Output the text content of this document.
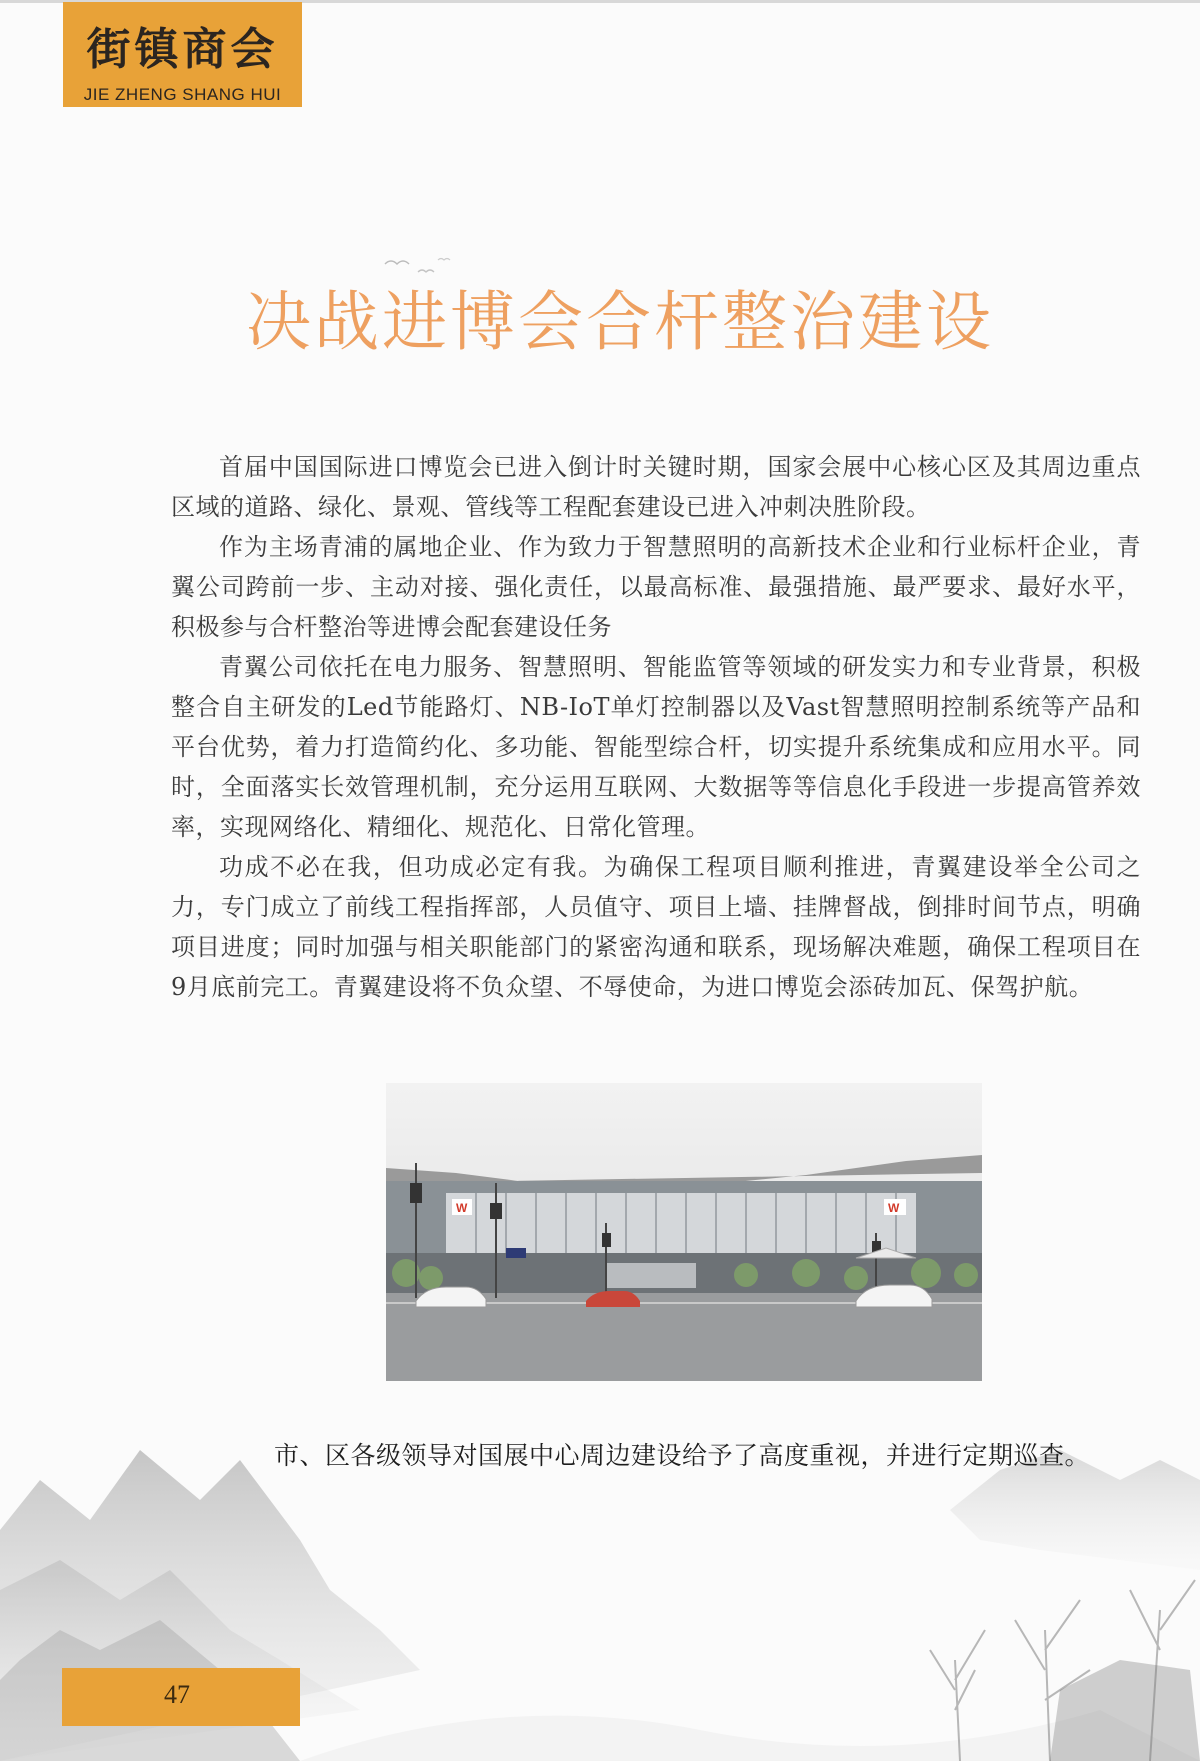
街镇商会
JIE ZHENG SHANG HUI
决战进博会合杆整治建设

首届中国国际进口博览会已进入倒计时关键时期，国家会展中心核心区及其周边重点区域的道路、绿化、景观、管线等工程配套建设已进入冲刺决胜阶段。

作为主场青浦的属地企业、作为致力于智慧照明的高新技术企业和行业标杆企业，青翼公司跨前一步、主动对接、强化责任，以最高标准、最强措施、最严要求、最好水平，积极参与合杆整治等进博会配套建设任务

青翼公司依托在电力服务、智慧照明、智能监管等领域的研发实力和专业背景，积极整合自主研发的Led节能路灯、NB-IoT单灯控制器以及Vast智慧照明控制系统等产品和平台优势，着力打造简约化、多功能、智能型综合杆，切实提升系统集成和应用水平。同时，全面落实长效管理机制，充分运用互联网、大数据等等信息化手段进一步提高管养效率，实现网络化、精细化、规范化、日常化管理。

功成不必在我，但功成必定有我。为确保工程项目顺利推进，青翼建设举全公司之力，专门成立了前线工程指挥部，人员值守、项目上墙、挂牌督战，倒排时间节点，明确项目进度；同时加强与相关职能部门的紧密沟通和联系，现场解决难题，确保工程项目在9月底前完工。青翼建设将不负众望、不辱使命，为进口博览会添砖加瓦、保驾护航。

W	W
市、区各级领导对国展中心周边建设给予了高度重视，并进行定期巡查。
47
